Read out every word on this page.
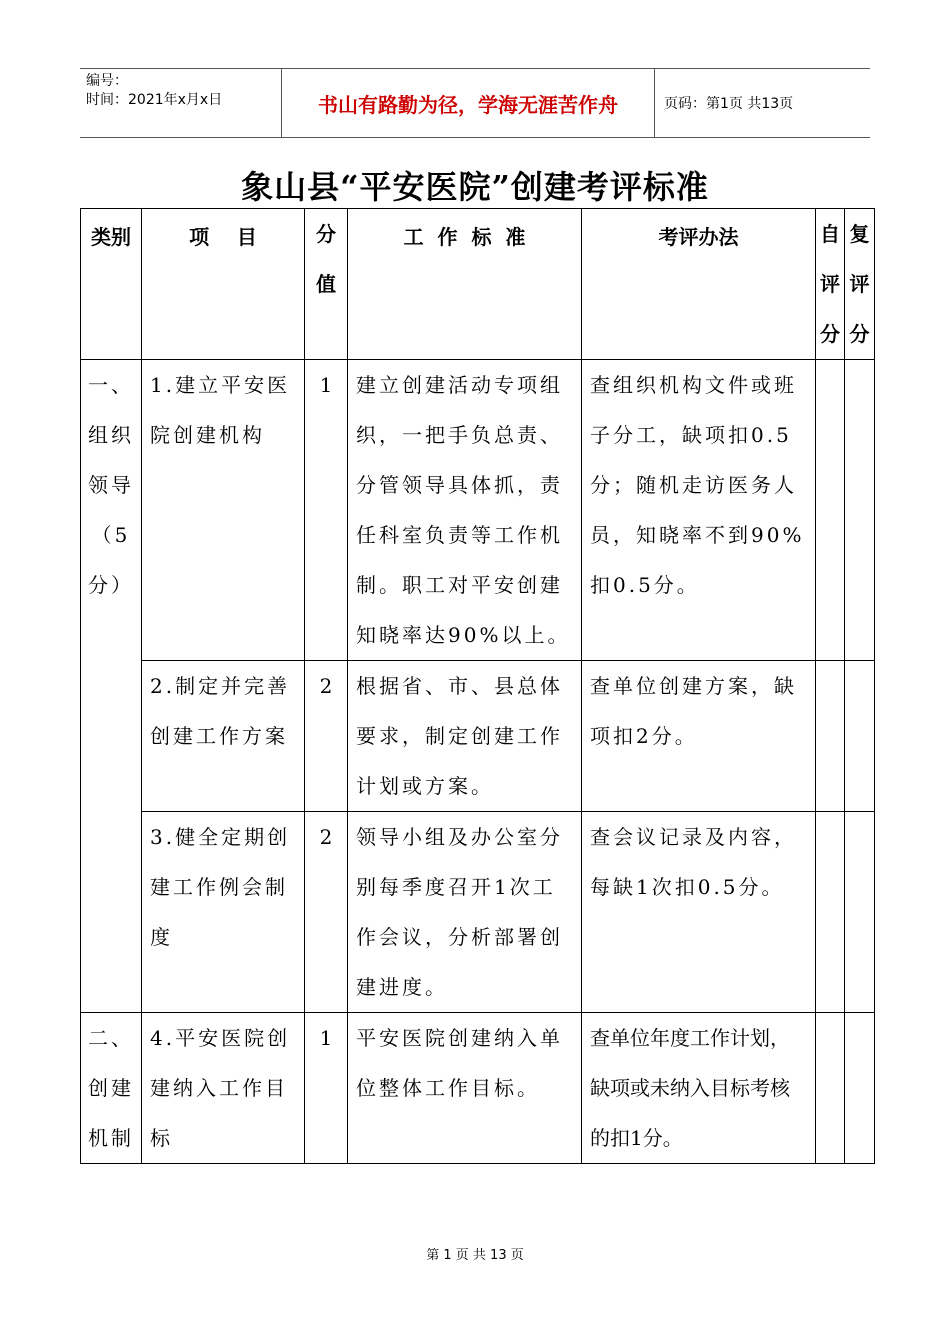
编号：
时间：2021年x月x日	书山有路勤为径，学海无涯苦作舟	页码：第1页 共13页
象山县“平安医院”创建考评标准
类别	项    目	分值	工  作  标  准	考评办法	自评分	复评分
一、组织领导（5分）	1.建立平安医院创建机构	1	建立创建活动专项组织，一把手负总责、分管领导具体抓，责任科室负责等工作机制。职工对平安创建知晓率达90%以上。	查组织机构文件或班子分工，缺项扣0.5分；随机走访医务人员，知晓率不到90%扣0.5分。		
	2.制定并完善创建工作方案	2	根据省、市、县总体要求，制定创建工作计划或方案。	查单位创建方案，缺项扣2分。		
	3.健全定期创建工作例会制度	2	领导小组及办公室分别每季度召开1次工作会议，分析部署创建进度。	查会议记录及内容，每缺1次扣0.5分。		
二、创建机制	4.平安医院创建纳入工作目标	1	平安医院创建纳入单位整体工作目标。	查单位年度工作计划，缺项或未纳入目标考核的扣1分。		
第 1 页 共 13 页
